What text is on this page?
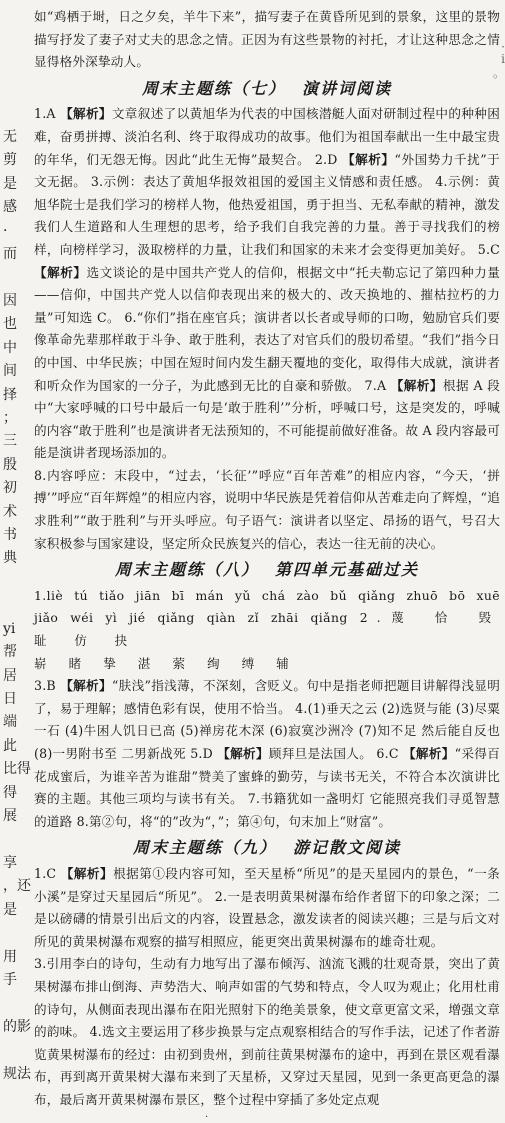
无
剪
是
感
·
而
因
也
中
间
择
；
三
殷
初
术
书
典
yi
帮
居
日
端
此
比得
得
展
享
，还
是
用
手
的影
规法
·
i
。

如“鸡栖于埘，日之夕矣，羊牛下来”，描写妻子在黄昏所见到的景象，这里的景物描写抒发了妻子对丈夫的思念之情。正因为有这些景物的衬托，才让这种思念之情显得格外深挚动人。

周末主题练（七） 演讲词阅读

1.A 【解析】文章叙述了以黄旭华为代表的中国核潜艇人面对研制过程中的种种困难，奋勇拼搏、淡泊名利、终于取得成功的故事。他们为祖国奉献出一生中最宝贵的年华，们无怨无悔。因此“此生无悔”最契合。 2.D 【解析】“外国势力千扰”于文无据。 3.示例：表达了黄旭华报效祖国的爱国主义情感和责任感。 4.示例：黄旭华院士是我们学习的榜样人物，他热爱祖国，勇于担当、无私奉献的精神，激发我们人生道路和人生理想的思考，给予我们自我完善的力量。善于寻找我们的榜样，向榜样学习，汲取榜样的力量，让我们和国家的未来才会变得更加美好。 5.C 【解析】选文谈论的是中国共产党人的信仰，根据文中“托夫勒忘记了第四种力量——信仰，中国共产党人以信仰表现出来的极大的、改天换地的、摧枯拉朽的力量”可知选 C。 6.“你们”指在座官兵；演讲者以长者或导师的口吻，勉励官兵们要像革命先辈那样敢于斗争、敢于胜利，表达了对官兵们的殷切希望。“我们”指今日的中国、中华民族；中国在短时间内发生翻天覆地的变化，取得伟大成就，演讲者和听众作为国家的一分子，为此感到无比的自豪和骄傲。 7.A 【解析】根据 A 段中“大家呼喊的口号中最后一句是‘敢于胜利’”分析，呼喊口号，这是突发的，呼喊的内容“敢于胜利”也是演讲者无法预知的，不可能提前做好准备。故 A 段内容最可能是演讲者现场添加的。

8.内容呼应：末段中，“过去，‘长征’”呼应“百年苦难”的相应内容，“今天，‘拼搏’”呼应“百年辉煌”的相应内容，说明中华民族是凭着信仰从苦难走向了辉煌，“追求胜利”“敢于胜利”与开头呼应。句子语气：演讲者以坚定、昂扬的语气，号召大家积极参与国家建设，坚定所众民族复兴的信心，表达一往无前的决心。

周末主题练（八） 第四单元基础过关

1.liè tú tiǎo jiān bī mán yǔ chá zào bǔ qiǎng zhuō bō xuē jiǎo wéi yì jié qiǎng qiàn zǐ zhāi qiǎng 2.蔑 恰 毁 耻 仿 抉

崭 睹 挚 湛 萦 绚 缚 辅

3.B 【解析】“肤浅”指浅薄，不深刻，含贬义。句中是指老师把题目讲解得浅显明了，易于理解；感情色彩有误，使用不恰当。 4.(1)垂天之云 (2)选贤与能 (3)尽粟一石 (4)牛困人饥日已高 (5)禅房花木深 (6)寂寞沙洲冷 (7)知不足 然后能自反也 (8)一男附书至 二男新战死 5.D 【解析】顾拜旦是法国人。 6.C 【解析】“采得百花成蜜后，为谁辛苦为谁甜”赞美了蜜蜂的勤劳，与读书无关，不符合本次演讲比赛的主题。其他三项均与读书有关。 7.书籍犹如一盏明灯 它能照亮我们寻觅智慧的道路 8.第②句，将“的”改为“，”；第④句，句末加上“财富”。

周末主题练（九） 游记散文阅读

1.C 【解析】根据第①段内容可知，至天星桥“所见”的是天星园内的景色，“一条小溪”是穿过天星园后“所见”。 2.一是表明黄果树瀑布给作者留下的印象之深；二是以磅礴的情景引出后文的内容，设置悬念，激发读者的阅读兴趣；三是与后文对所见的黄果树瀑布观察的描写相照应，能更突出黄果树瀑布的雄奇壮观。

3.引用李白的诗句，生动有力地写出了瀑布倾泻、汹流飞溅的壮观奇景，突出了黄果树瀑布排山倒海、声势浩大、响声如雷的气势和特点，令人叹为观止；化用杜甫的诗句，从侧面表现出瀑布在阳光照射下的绝美景象，使文章更富文采，增强文章的韵味。 4.选文主要运用了移步换景与定点观察相结合的写作手法，记述了作者游览黄果树瀑布的经过：由初到贵州，到前往黄果树瀑布的途中，再到在景区观看瀑布，再到离开黄果树大瀑布来到了天星桥，又穿过天星园，见到一条更高更急的瀑布，最后离开黄果树瀑布景区，整个过程中穿插了多处定点观

·
